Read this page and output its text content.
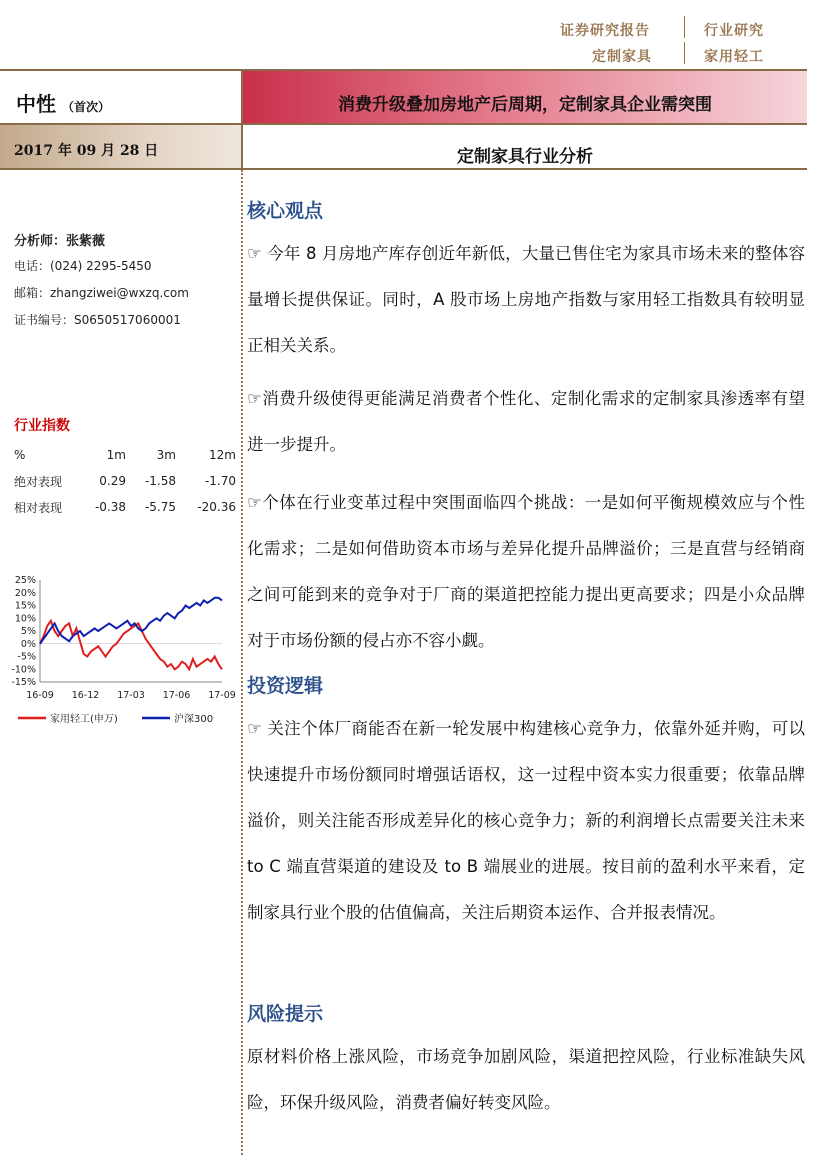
证券研究报告	行业研究
定制家具	家用轻工
中性 （首次）	消费升级叠加房地产后周期，定制家具企业需突围
2017 年 09 月 28 日	定制家具行业分析
分析师：张紫薇
电话：(024) 2295-5450
邮箱：zhangziwei@wxzq.com
证书编号：S0650517060001
行业指数
%	1m	3m	12m
绝对表现	0.29	-1.58	-1.70
相对表现	-0.38	-5.75	-20.36
25%
20%
15%
10%
5%
0%
-5%
-10%
-15%
16-09 16-12 17-03 17-06 17-09
家用轻工(申万)	沪深300
核心观点
☞ 今年 8 月房地产库存创近年新低，大量已售住宅为家具市场未来的整体容量增长提供保证。同时，A 股市场上房地产指数与家用轻工指数具有较明显正相关关系。
☞消费升级使得更能满足消费者个性化、定制化需求的定制家具渗透率有望进一步提升。
☞个体在行业变革过程中突围面临四个挑战：一是如何平衡规模效应与个性化需求；二是如何借助资本市场与差异化提升品牌溢价；三是直营与经销商之间可能到来的竞争对于厂商的渠道把控能力提出更高要求；四是小众品牌对于市场份额的侵占亦不容小觑。
投资逻辑
☞ 关注个体厂商能否在新一轮发展中构建核心竞争力，依靠外延并购，可以快速提升市场份额同时增强话语权，这一过程中资本实力很重要；依靠品牌溢价，则关注能否形成差异化的核心竞争力；新的利润增长点需要关注未来 to C 端直营渠道的建设及 to B 端展业的进展。按目前的盈利水平来看，定制家具行业个股的估值偏高，关注后期资本运作、合并报表情况。
风险提示
原材料价格上涨风险，市场竞争加剧风险，渠道把控风险，行业标准缺失风险，环保升级风险，消费者偏好转变风险。
